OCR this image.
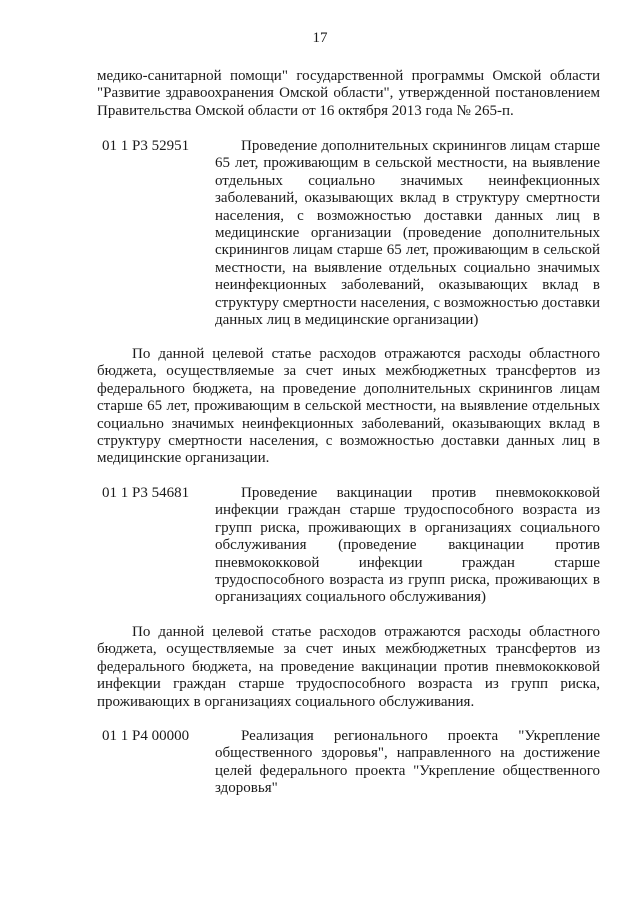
17

медико-санитарной помощи" государственной программы Омской области "Развитие здравоохранения Омской области", утвержденной постановлением Правительства Омской области от 16 октября 2013 года № 265-п.

01 1 Р3 52951	Проведение дополнительных скринингов лицам старше 65 лет, проживающим в сельской местности, на выявление отдельных социально значимых неинфекционных заболеваний, оказывающих вклад в структуру смертности населения, с возможностью доставки данных лиц в медицинские организации (проведение дополнительных скринингов лицам старше 65 лет, проживающим в сельской местности, на выявление отдельных социально значимых неинфекционных заболеваний, оказывающих вклад в структуру смертности населения, с возможностью доставки данных лиц в медицинские организации)

По данной целевой статье расходов отражаются расходы областного бюджета, осуществляемые за счет иных межбюджетных трансфертов из федерального бюджета, на проведение дополнительных скринингов лицам старше 65 лет, проживающим в сельской местности, на выявление отдельных социально значимых неинфекционных заболеваний, оказывающих вклад в структуру смертности населения, с возможностью доставки данных лиц в медицинские организации.

01 1 Р3 54681	Проведение вакцинации против пневмококковой инфекции граждан старше трудоспособного возраста из групп риска, проживающих в организациях социального обслуживания (проведение вакцинации против пневмококковой инфекции граждан старше трудоспособного возраста из групп риска, проживающих в организациях социального обслуживания)

По данной целевой статье расходов отражаются расходы областного бюджета, осуществляемые за счет иных межбюджетных трансфертов из федерального бюджета, на проведение вакцинации против пневмококковой инфекции граждан старше трудоспособного возраста из групп риска, проживающих в организациях социального обслуживания.

01 1 Р4 00000	Реализация регионального проекта "Укрепление общественного здоровья", направленного на достижение целей федерального проекта "Укрепление общественного здоровья"
